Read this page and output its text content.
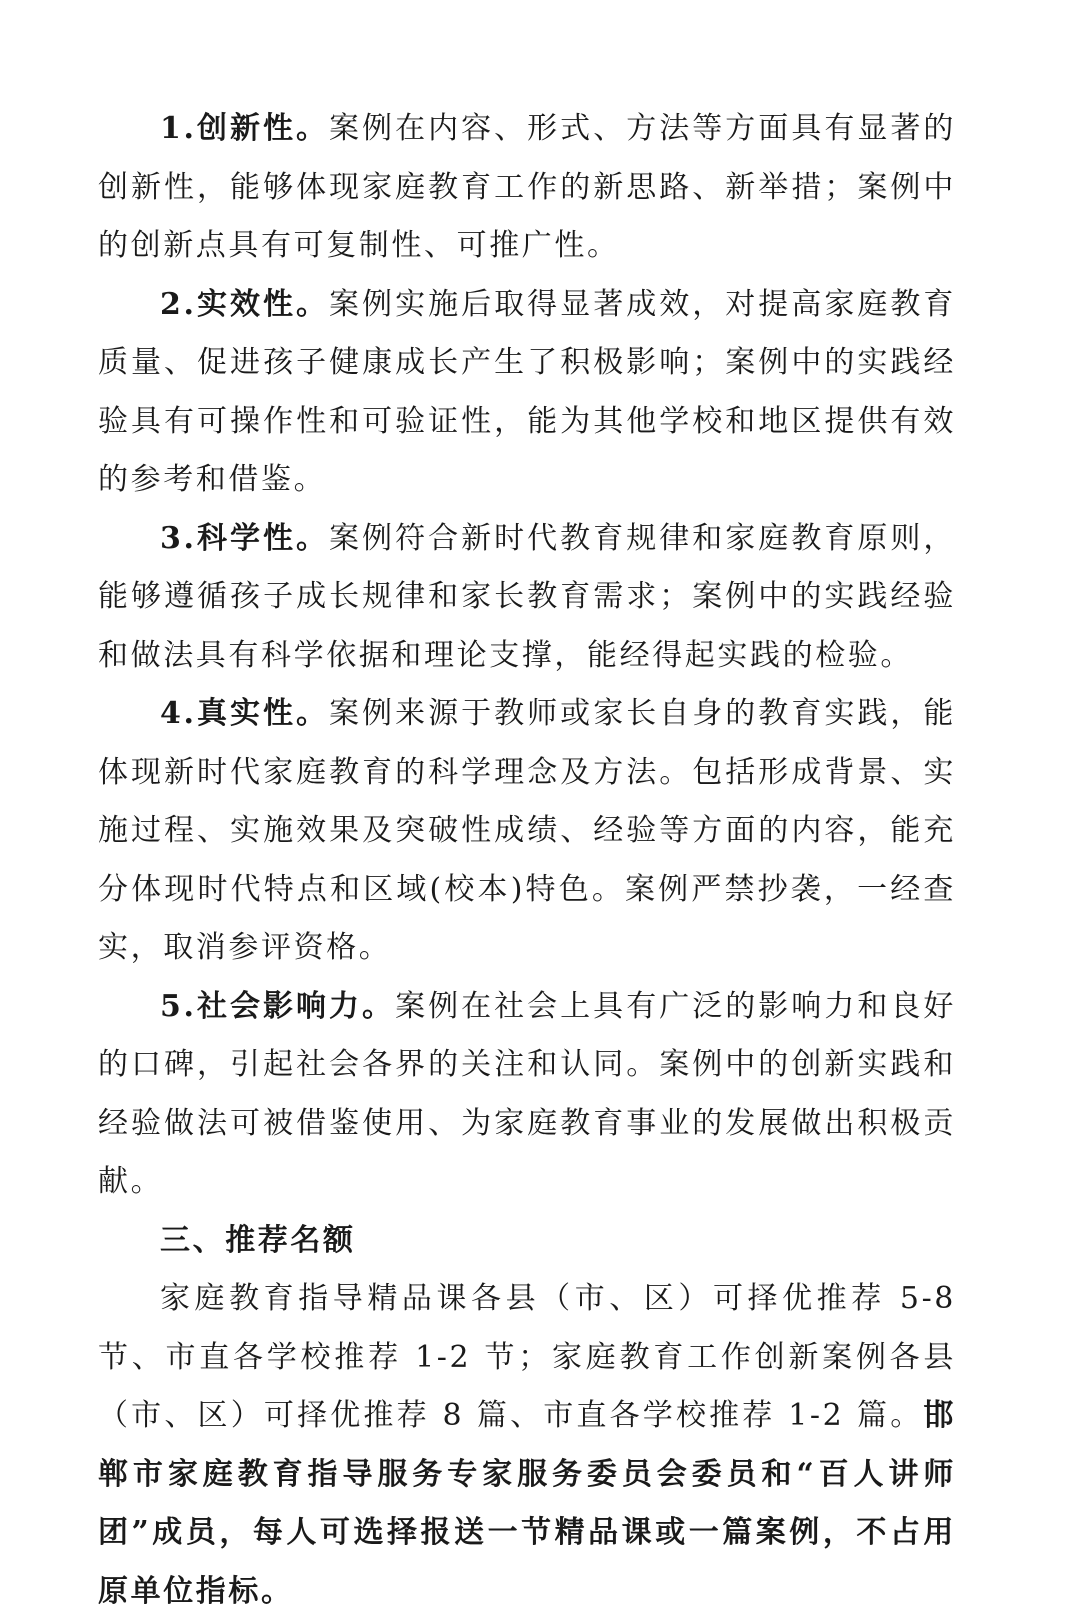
1.创新性。案例在内容、形式、方法等方面具有显著的创新性，能够体现家庭教育工作的新思路、新举措；案例中的创新点具有可复制性、可推广性。

2.实效性。案例实施后取得显著成效，对提高家庭教育质量、促进孩子健康成长产生了积极影响；案例中的实践经验具有可操作性和可验证性，能为其他学校和地区提供有效的参考和借鉴。

3.科学性。案例符合新时代教育规律和家庭教育原则，能够遵循孩子成长规律和家长教育需求；案例中的实践经验和做法具有科学依据和理论支撑，能经得起实践的检验。

4.真实性。案例来源于教师或家长自身的教育实践，能体现新时代家庭教育的科学理念及方法。包括形成背景、实施过程、实施效果及突破性成绩、经验等方面的内容，能充分体现时代特点和区域(校本)特色。案例严禁抄袭，一经查实，取消参评资格。

5.社会影响力。案例在社会上具有广泛的影响力和良好的口碑，引起社会各界的关注和认同。案例中的创新实践和经验做法可被借鉴使用、为家庭教育事业的发展做出积极贡献。

三、推荐名额

家庭教育指导精品课各县（市、区）可择优推荐 5-8 节、市直各学校推荐 1-2 节；家庭教育工作创新案例各县（市、区）可择优推荐 8 篇、市直各学校推荐 1-2 篇。邯郸市家庭教育指导服务专家服务委员会委员和“百人讲师团”成员，每人可选择报送一节精品课或一篇案例，不占用原单位指标。
